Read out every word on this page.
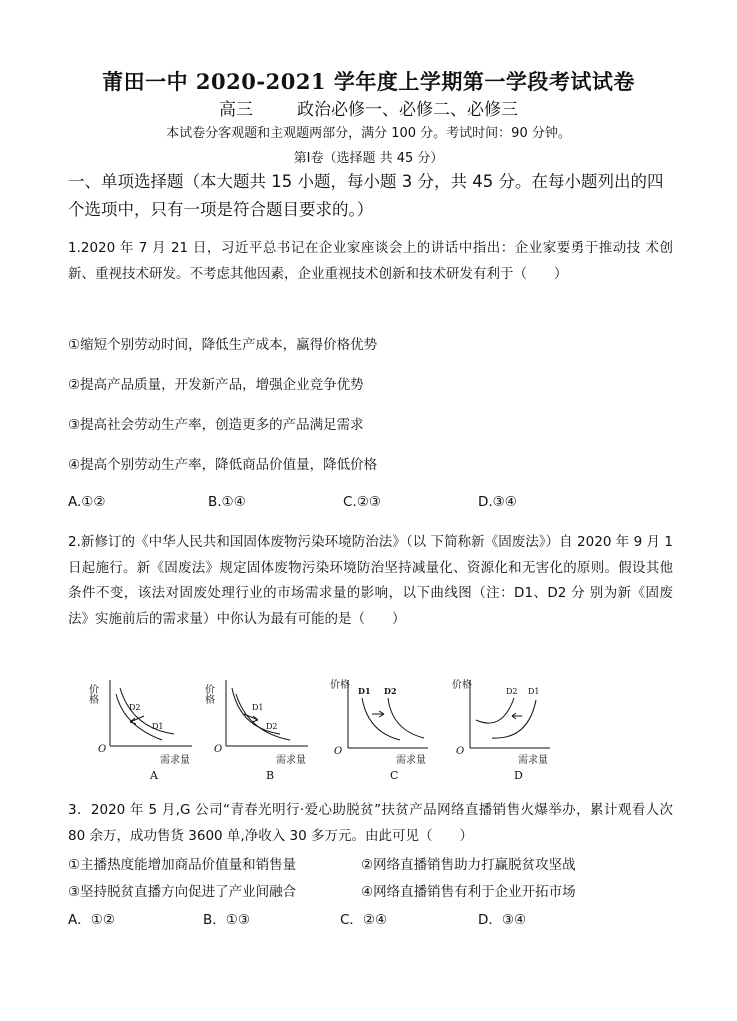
莆田一中 2020-2021 学年度上学期第一学段考试试卷
高三	政治必修一、必修二、必修三
本试卷分客观题和主观题两部分，满分 100 分。考试时间：90 分钟。
第Ⅰ卷（选择题 共 45 分）
一、单项选择题（本大题共 15 小题，每小题 3 分，共 45 分。在每小题列出的四个选项中，只有一项是符合题目要求的。）
1.2020 年 7 月 21 日，习近平总书记在企业家座谈会上的讲话中指出：企业家要勇于推动技 术创新、重视技术研发。不考虑其他因素，企业重视技术创新和技术研发有利于（　　）
①缩短个别劳动时间，降低生产成本，赢得价格优势
②提高产品质量，开发新产品，增强企业竞争优势
③提高社会劳动生产率，创造更多的产品满足需求
④提高个别劳动生产率，降低商品价值量，降低价格
A.①②	B.①④	C.②③	D.③④
2.新修订的《中华人民共和国固体废物污染环境防治法》（以 下简称新《固废法》）自 2020 年 9 月 1 日起施行。新《固废法》规定固体废物污染环境防治坚持减量化、资源化和无害化的原则。假设其他条件不变，该法对固废处理行业的市场需求量的影响，以下曲线图（注：D1、D2 分 别为新《固废法》实施前后的需求量）中你认为最有可能的是（　　）
价格
O
需求量
D2
D1
价格
O
需求量
D1
D2
价格
O
需求量
D1 D2	价格
O
需求量
D2 D1
A	B	C	D
3．2020 年 5 月,G 公司“青春光明行·爱心助脱贫”扶贫产品网络直播销售火爆举办，累计观看人次 80 余万，成功售货 3600 单,净收入 30 多万元。由此可见（　　）
①主播热度能增加商品价值量和销售量	②网络直播销售助力打赢脱贫攻坚战
③坚持脱贫直播方向促进了产业间融合	④网络直播销售有利于企业开拓市场
A．①②	B．①③	C．②④	D．③④
